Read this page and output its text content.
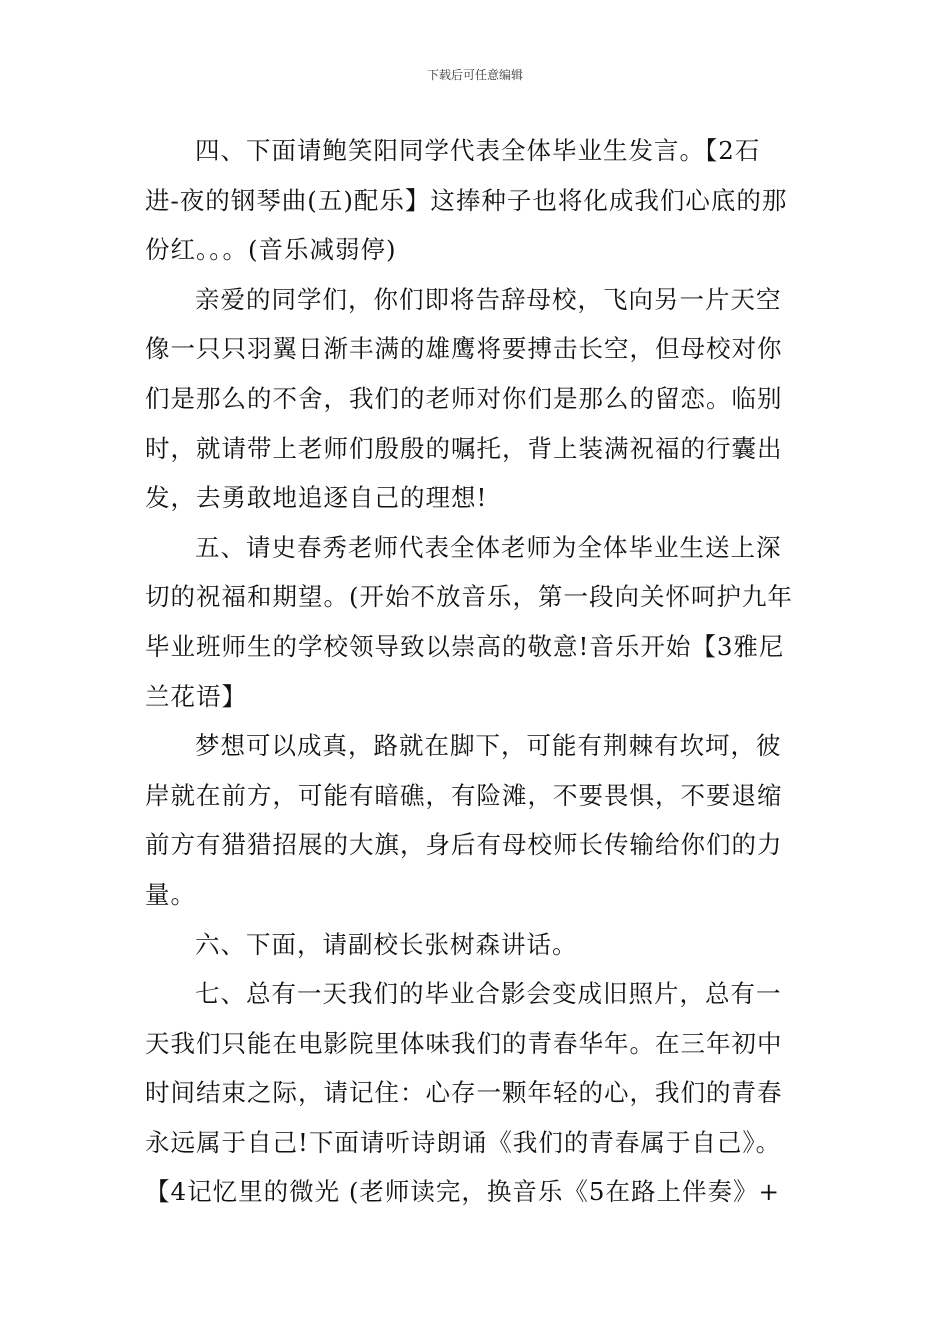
下载后可任意编辑

四、下面请鲍笑阳同学代表全体毕业生发言。【2石
进-夜的钢琴曲(五)配乐】这捧种子也将化成我们心底的那
份红。。。(音乐减弱停)

亲爱的同学们，你们即将告辞母校，飞向另一片天空
像一只只羽翼日渐丰满的雄鹰将要搏击长空，但母校对你
们是那么的不舍，我们的老师对你们是那么的留恋。临别
时，就请带上老师们殷殷的嘱托，背上装满祝福的行囊出
发，去勇敢地追逐自己的理想!

五、请史春秀老师代表全体老师为全体毕业生送上深
切的祝福和期望。(开始不放音乐，第一段向关怀呵护九年
毕业班师生的学校领导致以崇高的敬意!音乐开始【3雅尼
兰花语】

梦想可以成真，路就在脚下，可能有荆棘有坎坷，彼
岸就在前方，可能有暗礁，有险滩，不要畏惧，不要退缩
前方有猎猎招展的大旗，身后有母校师长传输给你们的力
量。

六、下面，请副校长张树森讲话。

七、总有一天我们的毕业合影会变成旧照片，总有一
天我们只能在电影院里体味我们的青春华年。在三年初中
时间结束之际，请记住：心存一颗年轻的心，我们的青春
永远属于自己!下面请听诗朗诵《我们的青春属于自己》。
【4记忆里的微光 (老师读完，换音乐《5在路上伴奏》+
